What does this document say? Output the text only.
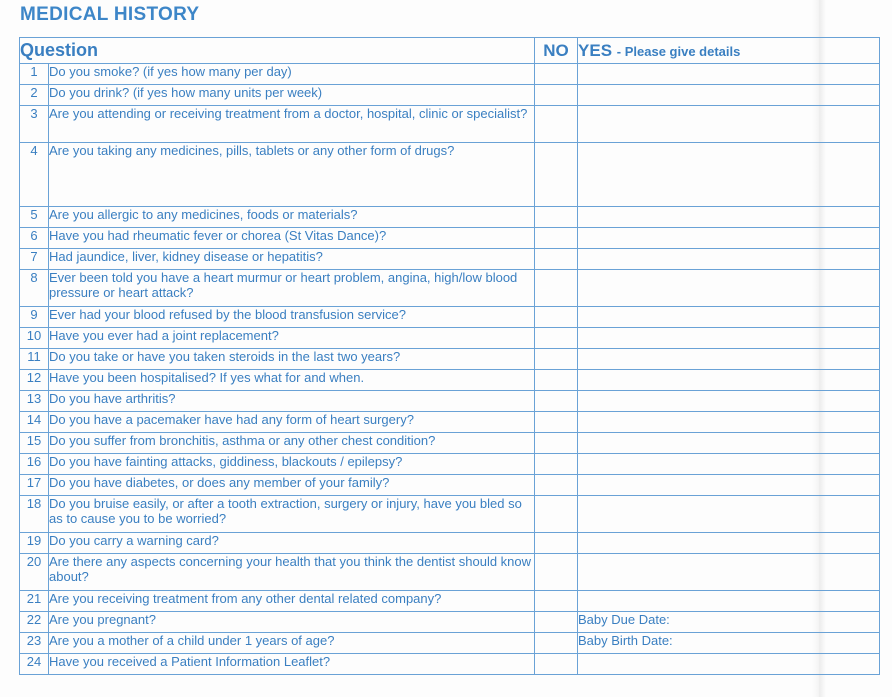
MEDICAL HISTORY
Question		NO	YES - Please give details
1	Do you smoke? (if yes how many per day)		
2	Do you drink? (if yes how many units per week)		
3	Are you attending or receiving treatment from a doctor, hospital, clinic or specialist?		
4	Are you taking any medicines, pills, tablets or any other form of drugs?		
5	Are you allergic to any medicines, foods or materials?		
6	Have you had rheumatic fever or chorea (St Vitas Dance)?		
7	Had jaundice, liver, kidney disease or hepatitis?		
8	Ever been told you have a heart murmur or heart problem, angina, high/low blood pressure or heart attack?		
9	Ever had your blood refused by the blood transfusion service?		
10	Have you ever had a joint replacement?		
11	Do you take or have you taken steroids in the last two years?		
12	Have you been hospitalised? If yes what for and when.		
13	Do you have arthritis?		
14	Do you have a pacemaker have had any form of heart surgery?		
15	Do you suffer from bronchitis, asthma or any other chest condition?		
16	Do you have fainting attacks, giddiness, blackouts / epilepsy?		
17	Do you have diabetes, or does any member of your family?		
18	Do you bruise easily, or after a tooth extraction, surgery or injury, have you bled so as to cause you to be worried?		
19	Do you carry a warning card?		
20	Are there any aspects concerning your health that you think the dentist should know about?		
21	Are you receiving treatment from any other dental related company?		
22	Are you pregnant?		Baby Due Date:
23	Are you a mother of a child under 1 years of age?		Baby Birth Date:
24	Have you received a Patient Information Leaflet?		
